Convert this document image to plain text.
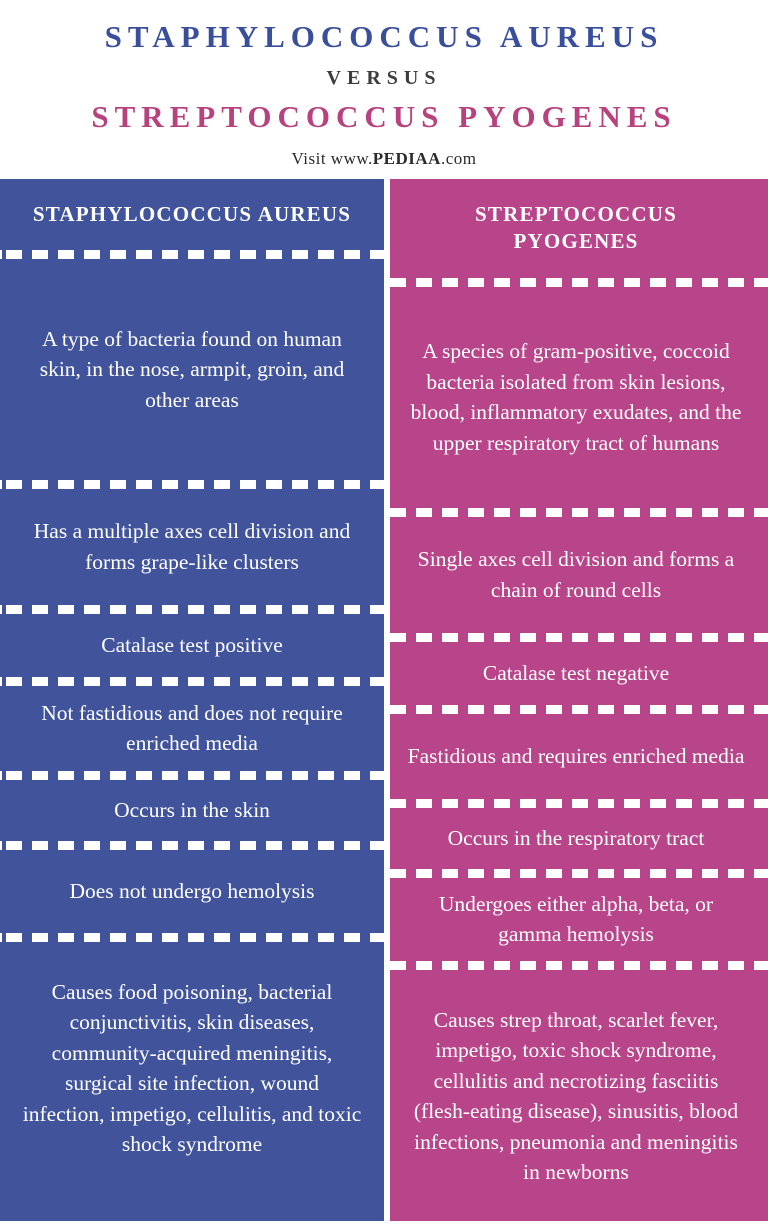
STAPHYLOCOCCUS AUREUS
VERSUS
STREPTOCOCCUS PYOGENES
Visit www.PEDIAA.com
STAPHYLOCOCCUS AUREUS
A type of bacteria found on human skin, in the nose, armpit, groin, and other areas
Has a multiple axes cell division and forms grape-like clusters
Catalase test positive
Not fastidious and does not require enriched media
Occurs in the skin
Does not undergo hemolysis
Causes food poisoning, bacterial conjunctivitis, skin diseases, community-acquired meningitis, surgical site infection, wound infection, impetigo, cellulitis, and toxic shock syndrome
STREPTOCOCCUS PYOGENES
A species of gram-positive, coccoid bacteria isolated from skin lesions, blood, inflammatory exudates, and the upper respiratory tract of humans
Single axes cell division and forms a chain of round cells
Catalase test negative
Fastidious and requires enriched media
Occurs in the respiratory tract
Undergoes either alpha, beta, or gamma hemolysis
Causes strep throat, scarlet fever, impetigo, toxic shock syndrome, cellulitis and necrotizing fasciitis (flesh-eating disease), sinusitis, blood infections, pneumonia and meningitis in newborns
